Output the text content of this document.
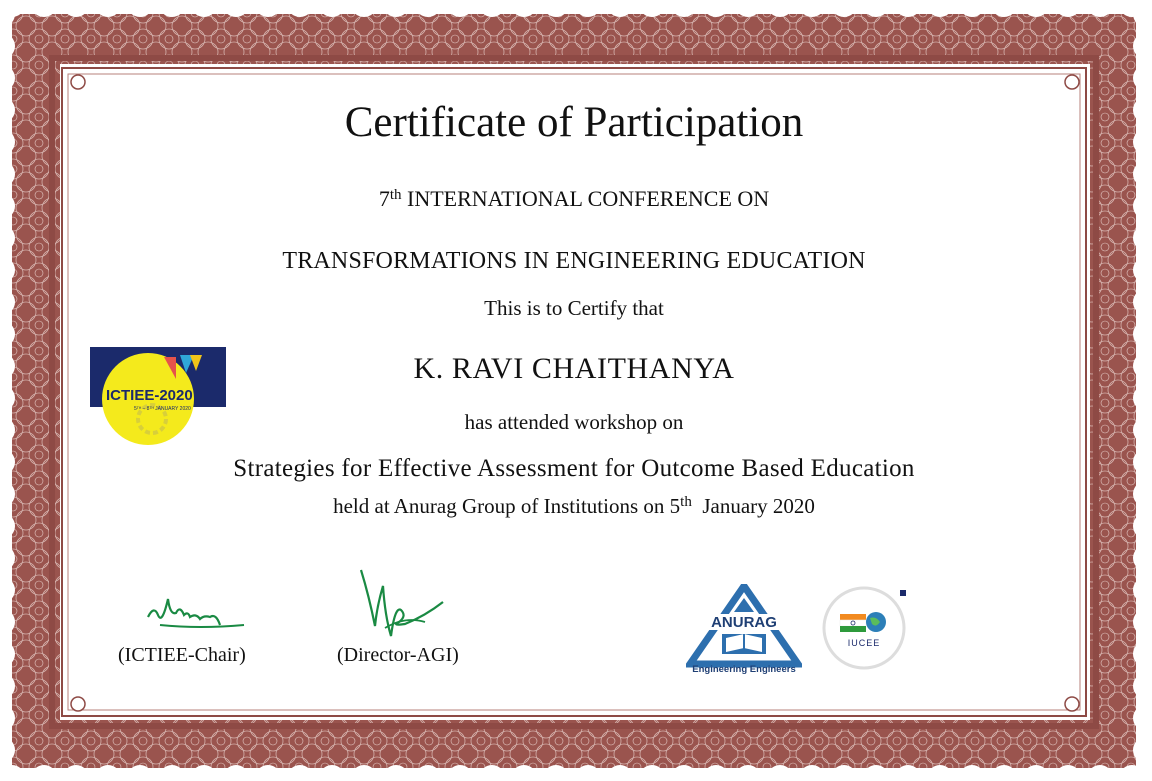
Certificate of Participation
7th INTERNATIONAL CONFERENCE ON
TRANSFORMATIONS IN ENGINEERING EDUCATION
This is to Certify that
K. RAVI CHAITHANYA
has attended workshop on
Strategies for Effective Assessment for Outcome Based Education
held at Anurag Group of Institutions on 5th  January 2020
ICTIEE-2020
5ᵀᴴ – 8ᵀᴴ JANUARY 2020
(ICTIEE-Chair)	(Director-AGI)
ANURAG
Engineering Engineers
IUCEE
